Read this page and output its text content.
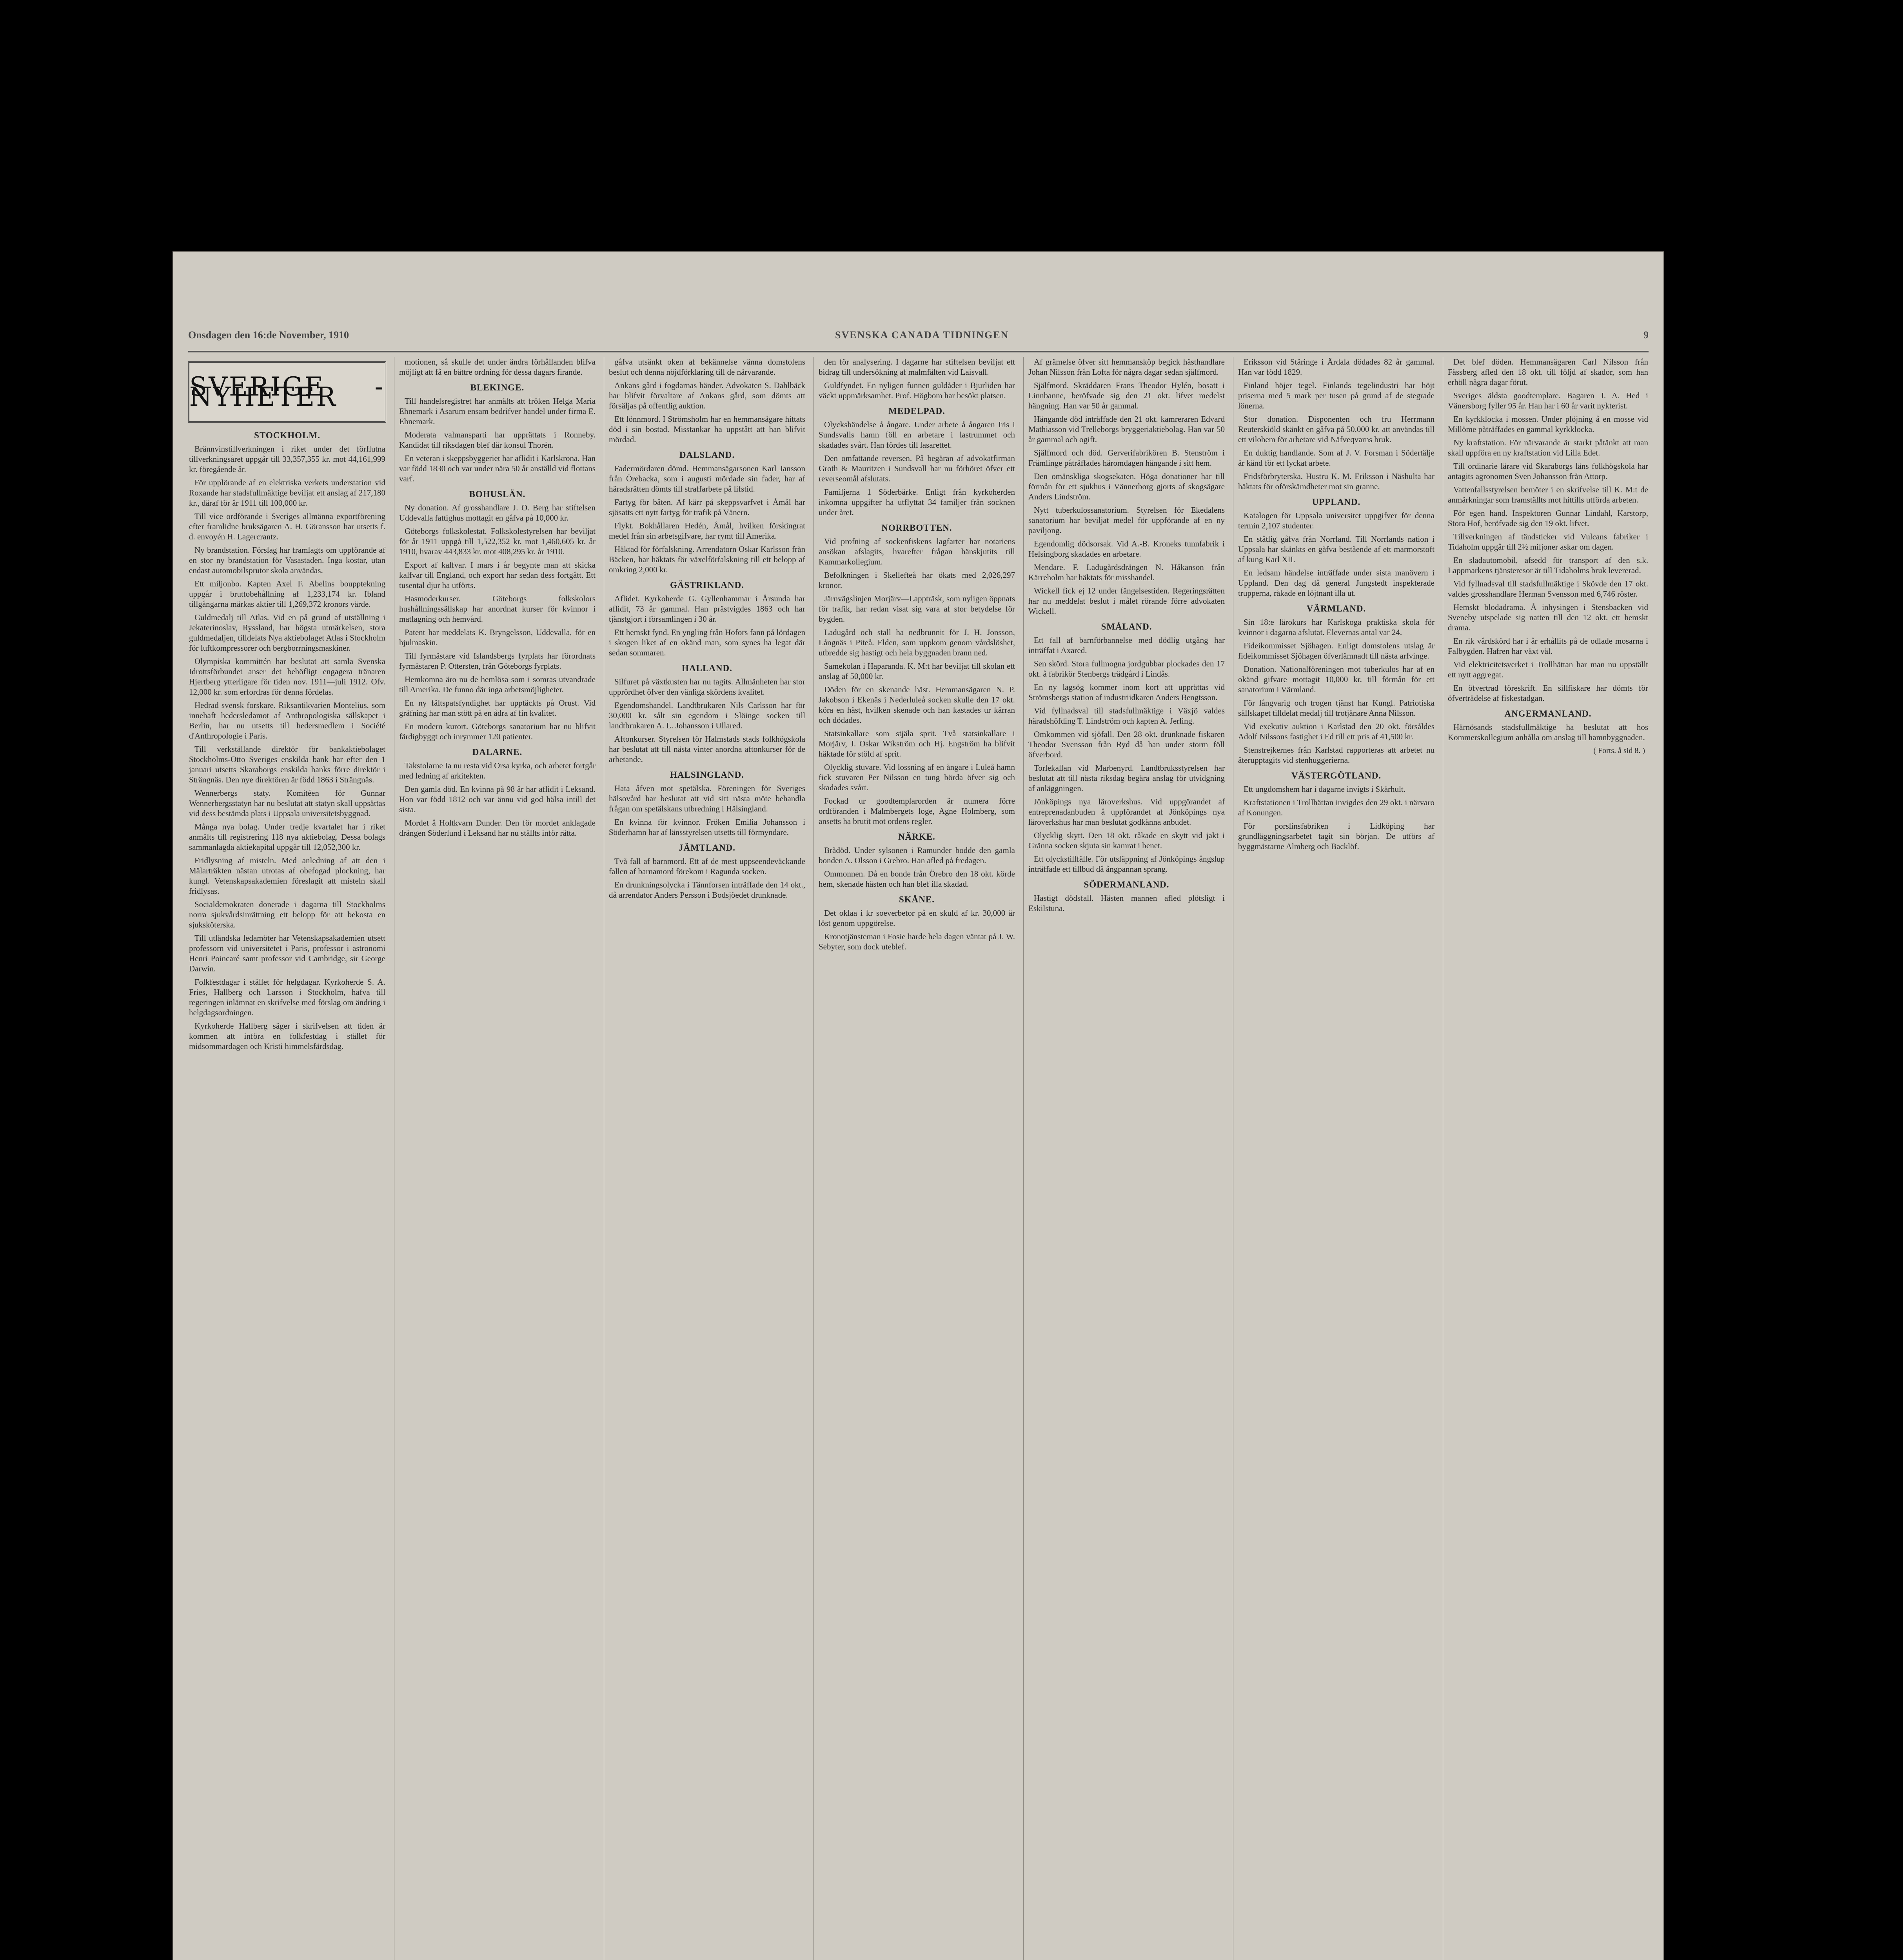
Onsdagen den 16:de November, 1910	SVENSKA CANADA TIDNINGEN	9
SVERIGE - NYHETER
STOCKHOLM.

Brännvinstillverkningen i riket under det förflutna tillverkningsåret uppgår till 33,357,355 kr. mot 44,161,999 kr. föregående år.

För upplörande af en elektriska verkets understation vid Roxande har stadsfullmäktige beviljat ett anslag af 217,180 kr., däraf för år 1911 till 100,000 kr.

Till vice ordförande i Sveriges allmänna exportförening efter framlidne bruksägaren A. H. Göransson har utsetts f. d. envoyén H. Lagercrantz.

Ny brandstation. Förslag har framlagts om uppförande af en stor ny brandstation för Vasastaden. Inga kostar, utan endast automobilsprutor skola användas.

Ett miljonbo. Kapten Axel F. Abelins boupptekning uppgår i bruttobehållning af 1,233,174 kr. Ibland tillgångarna märkas aktier till 1,269,372 kronors värde.

Guldmedalj till Atlas. Vid en på grund af utställning i Jekaterinoslav, Ryssland, har högsta utmärkelsen, stora guldmedaljen, tilldelats Nya aktiebolaget Atlas i Stockholm för luftkompressorer och bergborrningsmaskiner.

Olympiska kommittén har beslutat att samla Svenska Idrottsförbundet anser det behöfligt engagera tränaren Hjertberg ytterligare för tiden nov. 1911—juli 1912. Ofv. 12,000 kr. som erfordras för denna fördelas.

Hedrad svensk forskare. Riksantikvarien Montelius, som innehaft hedersledamot af Anthropologiska sällskapet i Berlin, har nu utsetts till hedersmedlem i Société d'Anthropologie i Paris.

Till verkställande direktör för bankaktiebolaget Stockholms-Otto Sveriges enskilda bank har efter den 1 januari utsetts Skaraborgs enskilda banks förre direktör i Strängnäs. Den nye direktören är född 1863 i Strängnäs.

Wennerbergs staty. Komitéen för Gunnar Wennerbergsstatyn har nu beslutat att statyn skall uppsättas vid dess bestämda plats i Uppsala universitetsbyggnad.

Många nya bolag. Under tredje kvartalet har i riket anmälts till registrering 118 nya aktiebolag. Dessa bolags sammanlagda aktiekapital uppgår till 12,052,300 kr.

Fridlysning af misteln. Med anledning af att den i Mälarträkten nästan utrotas af obefogad plockning, har kungl. Vetenskapsakademien föreslagit att misteln skall fridlysas.

Socialdemokraten donerade i dagarna till Stockholms norra sjukvårdsinrättning ett belopp för att bekosta en sjuksköterska.

Till utländska ledamöter har Vetenskapsakademien utsett professorn vid universitetet i Paris, professor i astronomi Henri Poincaré samt professor vid Cambridge, sir George Darwin.

Folkfestdagar i stället för helgdagar. Kyrkoherde S. A. Fries, Hallberg och Larsson i Stockholm, hafva till regeringen inlämnat en skrifvelse med förslag om ändring i helgdagsordningen.

Kyrkoherde Hallberg säger i skrifvelsen att tiden är kommen att införa en folkfestdag i stället för midsommardagen och Kristi himmelsfärdsdag.

motionen, så skulle det under ändra förhållanden blifva möjligt att få en bättre ordning för dessa dagars firande.

BLEKINGE.

Till handelsregistret har anmälts att fröken Helga Maria Ehnemark i Asarum ensam bedrifver handel under firma E. Ehnemark.

Moderata valmansparti har upprättats i Ronneby. Kandidat till riksdagen blef där konsul Thorén.

En veteran i skeppsbyggeriet har aflidit i Karlskrona. Han var född 1830 och var under nära 50 år anställd vid flottans varf.

BOHUSLÄN.

Ny donation. Af grosshandlare J. O. Berg har stiftelsen Uddevalla fattighus mottagit en gåfva på 10,000 kr.

Göteborgs folkskolestat. Folkskolestyrelsen har beviljat för år 1911 uppgå till 1,522,352 kr. mot 1,460,605 kr. år 1910, hvarav 443,833 kr. mot 408,295 kr. år 1910.

Export af kalfvar. I mars i år begynte man att skicka kalfvar till England, och export har sedan dess fortgått. Ett tusental djur ha utförts.

Hasmoderkurser. Göteborgs folkskolors hushållningssällskap har anordnat kurser för kvinnor i matlagning och hemvård.

Patent har meddelats K. Bryngelsson, Uddevalla, för en hjulmaskin.

Till fyrmästare vid Islandsbergs fyrplats har förordnats fyrmästaren P. Ottersten, från Göteborgs fyrplats.

Hemkomna äro nu de hemlösa som i somras utvandrade till Amerika. De funno där inga arbetsmöjligheter.

En ny fältspatsfyndighet har upptäckts på Orust. Vid gräfning har man stött på en ådra af fin kvalitet.

En modern kurort. Göteborgs sanatorium har nu blifvit färdigbyggt och inrymmer 120 patienter.

DALARNE.

Takstolarne Ia nu resta vid Orsa kyrka, och arbetet fortgår med ledning af arkitekten.

Den gamla död. En kvinna på 98 år har aflidit i Leksand. Hon var född 1812 och var ännu vid god hälsa intill det sista.

Mordet å Holtkvarn Dunder. Den för mordet anklagade drängen Söderlund i Leksand har nu ställts inför rätta.

gåfva utsänkt oken af bekännelse vänna domstolens beslut och denna nöjdförklaring till de närvarande.

Ankans gård i fogdarnas händer. Advokaten S. Dahlbäck har blifvit förvaltare af Ankans gård, som dömts att försäljas på offentlig auktion.

Ett lönnmord. I Strömsholm har en hemmansägare hittats död i sin bostad. Misstankar ha uppstått att han blifvit mördad.

DALSLAND.

Fadermördaren dömd. Hemmansägarsonen Karl Jansson från Örebacka, som i augusti mördade sin fader, har af häradsrätten dömts till straffarbete på lifstid.

Fartyg för båten. Af kärr på skeppsvarfvet i Åmål har sjösatts ett nytt fartyg för trafik på Vänern.

Flykt. Bokhållaren Hedén, Åmål, hvilken förskingrat medel från sin arbetsgifvare, har rymt till Amerika.

Häktad för förfalskning. Arrendatorn Oskar Karlsson från Bäcken, har häktats för växelförfalskning till ett belopp af omkring 2,000 kr.

GÄSTRIKLAND.

Aflidet. Kyrkoherde G. Gyllenhammar i Årsunda har aflidit, 73 år gammal. Han prästvigdes 1863 och har tjänstgjort i församlingen i 30 år.

Ett hemskt fynd. En yngling från Hofors fann på lördagen i skogen liket af en okänd man, som synes ha legat där sedan sommaren.

HALLAND.

Silfuret på växtkusten har nu tagits. Allmänheten har stor upprördhet öfver den vänliga skördens kvalitet.

Egendomshandel. Landtbrukaren Nils Carlsson har för 30,000 kr. sålt sin egendom i Slöinge socken till landtbrukaren A. L. Johansson i Ullared.

Aftonkurser. Styrelsen för Halmstads stads folkhögskola har beslutat att till nästa vinter anordna aftonkurser för de arbetande.

HALSINGLAND.

Hata åfven mot spetälska. Föreningen för Sveriges hälsovård har beslutat att vid sitt nästa möte behandla frågan om spetälskans utbredning i Hälsingland.

En kvinna för kvinnor. Fröken Emilia Johansson i Söderhamn har af länsstyrelsen utsetts till förmyndare.

JÄMTLAND.

Två fall af barnmord. Ett af de mest uppseendeväckande fallen af barnamord förekom i Ragunda socken.

En drunkningsolycka i Tännforsen inträffade den 14 okt., då arrendator Anders Persson i Bodsjöedet drunknade.

den för analysering. I dagarne har stiftelsen beviljat ett bidrag till undersökning af malmfälten vid Laisvall.

Guldfyndet. En nyligen funnen guldåder i Bjurliden har väckt uppmärksamhet. Prof. Högbom har besökt platsen.

MEDELPAD.

Olyckshändelse å ångare. Under arbete å ångaren Iris i Sundsvalls hamn föll en arbetare i lastrummet och skadades svårt. Han fördes till lasarettet.

Den omfattande reversen. På begäran af advokatfirman Groth & Mauritzen i Sundsvall har nu förhöret öfver ett reverseomål afslutats.

Familjerna 1 Söderbärke. Enligt från kyrkoherden inkomna uppgifter ha utflyttat 34 familjer från socknen under året.

NORRBOTTEN.

Vid profning af sockenfiskens lagfarter har notariens ansökan afslagits, hvarefter frågan hänskjutits till Kammarkollegium.

Befolkningen i Skellefteå har ökats med 2,026,297 kronor.

Järnvägslinjen Morjärv—Lappträsk, som nyligen öppnats för trafik, har redan visat sig vara af stor betydelse för bygden.

Ladugård och stall ha nedbrunnit för J. H. Jonsson, Långnäs i Piteå. Elden, som uppkom genom vårdslöshet, utbredde sig hastigt och hela byggnaden brann ned.

Samekolan i Haparanda. K. M:t har beviljat till skolan ett anslag af 50,000 kr.

Döden för en skenande häst. Hemmansägaren N. P. Jakobson i Ekenäs i Nederluleå socken skulle den 17 okt. köra en häst, hvilken skenade och han kastades ur kärran och dödades.

Statsinkallare som stjäla sprit. Två statsinkallare i Morjärv, J. Oskar Wikström och Hj. Engström ha blifvit häktade för stöld af sprit.

Olycklig stuvare. Vid lossning af en ångare i Luleå hamn fick stuvaren Per Nilsson en tung börda öfver sig och skadades svårt.

Fockad ur goodtemplarorden är numera förre ordföranden i Malmbergets loge, Agne Holmberg, som ansetts ha brutit mot ordens regler.

NÄRKE.

Brådöd. Under sylsonen i Ramunder bodde den gamla bonden A. Olsson i Grebro. Han afled på fredagen.

Ommonnen. Då en bonde från Örebro den 18 okt. körde hem, skenade hästen och han blef illa skadad.

SKÅNE.

Det oklaa i kr soeverbetor på en skuld af kr. 30,000 är löst genom uppgörelse.

Kronotjänsteman i Fosie harde hela dagen väntat på J. W. Sebyter, som dock uteblef.

Af grämelse öfver sitt hemmansköp begick hästhandlare Johan Nilsson från Lofta för några dagar sedan själfmord.

Själfmord. Skräddaren Frans Theodor Hylén, bosatt i Linnbanne, beröfvade sig den 21 okt. lifvet medelst hängning. Han var 50 år gammal.

Hängande död inträffade den 21 okt. kamreraren Edvard Mathiasson vid Trelleborgs bryggeriaktiebolag. Han var 50 år gammal och ogift.

Själfmord och död. Gerverifabrikören B. Stenström i Främlinge påträffades häromdagen hängande i sitt hem.

Den omänskliga skogsekaten. Höga donationer har till förmån för ett sjukhus i Vännerborg gjorts af skogsägare Anders Lindström.

Nytt tuberkulossanatorium. Styrelsen för Ekedalens sanatorium har beviljat medel för uppförande af en ny paviljong.

Egendomlig dödsorsak. Vid A.-B. Kroneks tunnfabrik i Helsingborg skadades en arbetare.

Mendare. F. Ladugårdsdrängen N. Håkanson från Kärreholm har häktats för misshandel.

Wickell fick ej 12 under fängelsestiden. Regeringsrätten har nu meddelat beslut i målet rörande förre advokaten Wickell.

SMÅLAND.

Ett fall af barnförbannelse med dödlig utgång har inträffat i Axared.

Sen skörd. Stora fullmogna jordgubbar plockades den 17 okt. å fabrikör Stenbergs trädgård i Lindås.

En ny lagsög kommer inom kort att upprättas vid Strömsbergs station af industriidkaren Anders Bengtsson.

Vid fyllnadsval till stadsfullmäktige i Växjö valdes häradshöfding T. Lindström och kapten A. Jerling.

Omkommen vid sjöfall. Den 28 okt. drunknade fiskaren Theodor Svensson från Ryd då han under storm föll öfverbord.

Torlekallan vid Marbenyrd. Landtbruksstyrelsen har beslutat att till nästa riksdag begära anslag för utvidgning af anläggningen.

Jönköpings nya läroverkshus. Vid uppgörandet af entreprenadanbuden å uppförandet af Jönköpings nya läroverkshus har man beslutat godkänna anbudet.

Olycklig skytt. Den 18 okt. råkade en skytt vid jakt i Gränna socken skjuta sin kamrat i benet.

Ett olyckstillfälle. För utsläppning af Jönköpings ångslup inträffade ett tillbud då ångpannan sprang.

SÖDERMANLAND.

Hastigt dödsfall. Hästen mannen afled plötsligt i Eskilstuna.

Eriksson vid Stäringe i Ärdala dödades 82 år gammal. Han var född 1829.

Finland höjer tegel. Finlands tegelindustri har höjt priserna med 5 mark per tusen på grund af de stegrade lönerna.

Stor donation. Disponenten och fru Herrmann Reuterskiöld skänkt en gåfva på 50,000 kr. att användas till ett vilohem för arbetare vid Näfveqvarns bruk.

En duktig handlande. Som af J. V. Forsman i Södertälje är känd för ett lyckat arbete.

Fridsförbryterska. Hustru K. M. Eriksson i Näshulta har häktats för oförskämdheter mot sin granne.

UPPLAND.

Katalogen för Uppsala universitet uppgifver för denna termin 2,107 studenter.

En ståtlig gåfva från Norrland. Till Norrlands nation i Uppsala har skänkts en gåfva bestående af ett marmorstoft af kung Karl XII.

En ledsam händelse inträffade under sista manövern i Uppland. Den dag då general Jungstedt inspekterade trupperna, råkade en löjtnant illa ut.

VÄRMLAND.

Sin 18:e lärokurs har Karlskoga praktiska skola för kvinnor i dagarna afslutat. Elevernas antal var 24.

Fideikommisset Sjöhagen. Enligt domstolens utslag är fideikommisset Sjöhagen öfverlämnadt till nästa arfvinge.

Donation. Nationalföreningen mot tuberkulos har af en okänd gifvare mottagit 10,000 kr. till förmån för ett sanatorium i Värmland.

För långvarig och trogen tjänst har Kungl. Patriotiska sällskapet tilldelat medalj till trotjänare Anna Nilsson.

Vid exekutiv auktion i Karlstad den 20 okt. försåldes Adolf Nilssons fastighet i Ed till ett pris af 41,500 kr.

Stenstrejkernes från Karlstad rapporteras att arbetet nu återupptagits vid stenhuggerierna.

VÄSTERGÖTLAND.

Ett ungdomshem har i dagarne invigts i Skärhult.

Kraftstationen i Trollhättan invigdes den 29 okt. i närvaro af Konungen.

För porslinsfabriken i Lidköping har grundläggningsarbetet tagit sin början. De utförs af byggmästarne Almberg och Backlöf.

Det blef döden. Hemmansägaren Carl Nilsson från Fässberg afled den 18 okt. till följd af skador, som han erhöll några dagar förut.

Sveriges äldsta goodtemplare. Bagaren J. A. Hed i Vänersborg fyller 95 år. Han har i 60 år varit nykterist.

En kyrkklocka i mossen. Under plöjning å en mosse vid Millöme påträffades en gammal kyrkklocka.

Ny kraftstation. För närvarande är starkt påtänkt att man skall uppföra en ny kraftstation vid Lilla Edet.

Till ordinarie lärare vid Skaraborgs läns folkhögskola har antagits agronomen Sven Johansson från Attorp.

Vattenfallsstyrelsen bemöter i en skrifvelse till K. M:t de anmärkningar som framställts mot hittills utförda arbeten.

För egen hand. Inspektoren Gunnar Lindahl, Karstorp, Stora Hof, beröfvade sig den 19 okt. lifvet.

Tillverkningen af tändsticker vid Vulcans fabriker i Tidaholm uppgår till 2½ miljoner askar om dagen.

En sladautomobil, afsedd för transport af den s.k. Lappmarkens tjänsteresor är till Tidaholms bruk levererad.

Vid fyllnadsval till stadsfullmäktige i Skövde den 17 okt. valdes grosshandlare Herman Svensson med 6,746 röster.

Hemskt blodadrama. Å inhysingen i Stensbacken vid Sveneby utspelade sig natten till den 12 okt. ett hemskt drama.

En rik vårdskörd har i år erhållits på de odlade mosarna i Falbygden. Hafren har växt väl.

Vid elektricitetsverket i Trollhättan har man nu uppställt ett nytt aggregat.

En öfvertrad föreskrift. En sillfiskare har dömts för öfverträdelse af fiskestadgan.

ANGERMANLAND.

Härnösands stadsfullmäktige ha beslutat att hos Kommerskollegium anhålla om anslag till hamnbyggnaden.

( Forts. å sid 8. )
